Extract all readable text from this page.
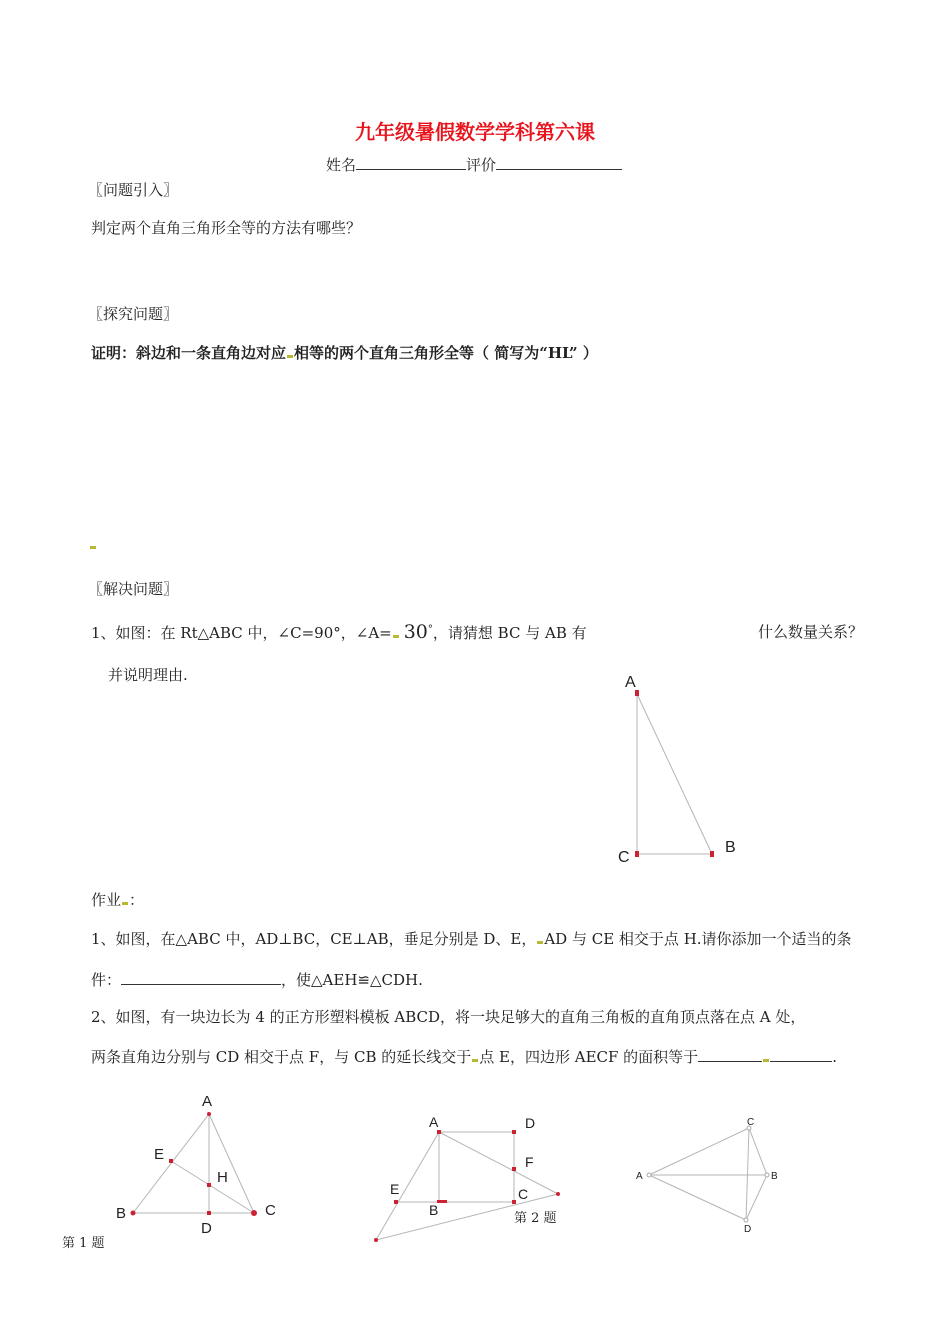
九年级暑假数学学科第六课
姓名	评价
〖问题引入〗
判定两个直角三角形全等的方法有哪些？
〖探究问题〗
证明：斜边和一条直角边对应 相等的两个直角三角形全等（ 简写为“HL” ）
〖解决问题〗
1、如图：在 Rt△ABC 中，∠C=90°，∠A= 30°，请猜想 BC 与 AB 有	什么数量关系？
并说明理由.	A
C
B
作业 ：
1、如图，在△ABC 中，AD⊥BC，CE⊥AB，垂足分别是 D、E， AD 与 CE 相交于点 H.请你添加一个适当的条
件：	，使△AEH≌△CDH.
2、如图，有一块边长为 4 的正方形塑料模板 ABCD，将一块足够大的直角三角板的直角顶点落在点 A 处，
两条直角边分别与 CD 相交于点 F，与 CB 的延长线交于 点 E，四边形 AECF 的面积等于	.
A
B	C
D
E
H
第 1 题
A	D
F
C
E
B
第 2 题
A
C
B
D
